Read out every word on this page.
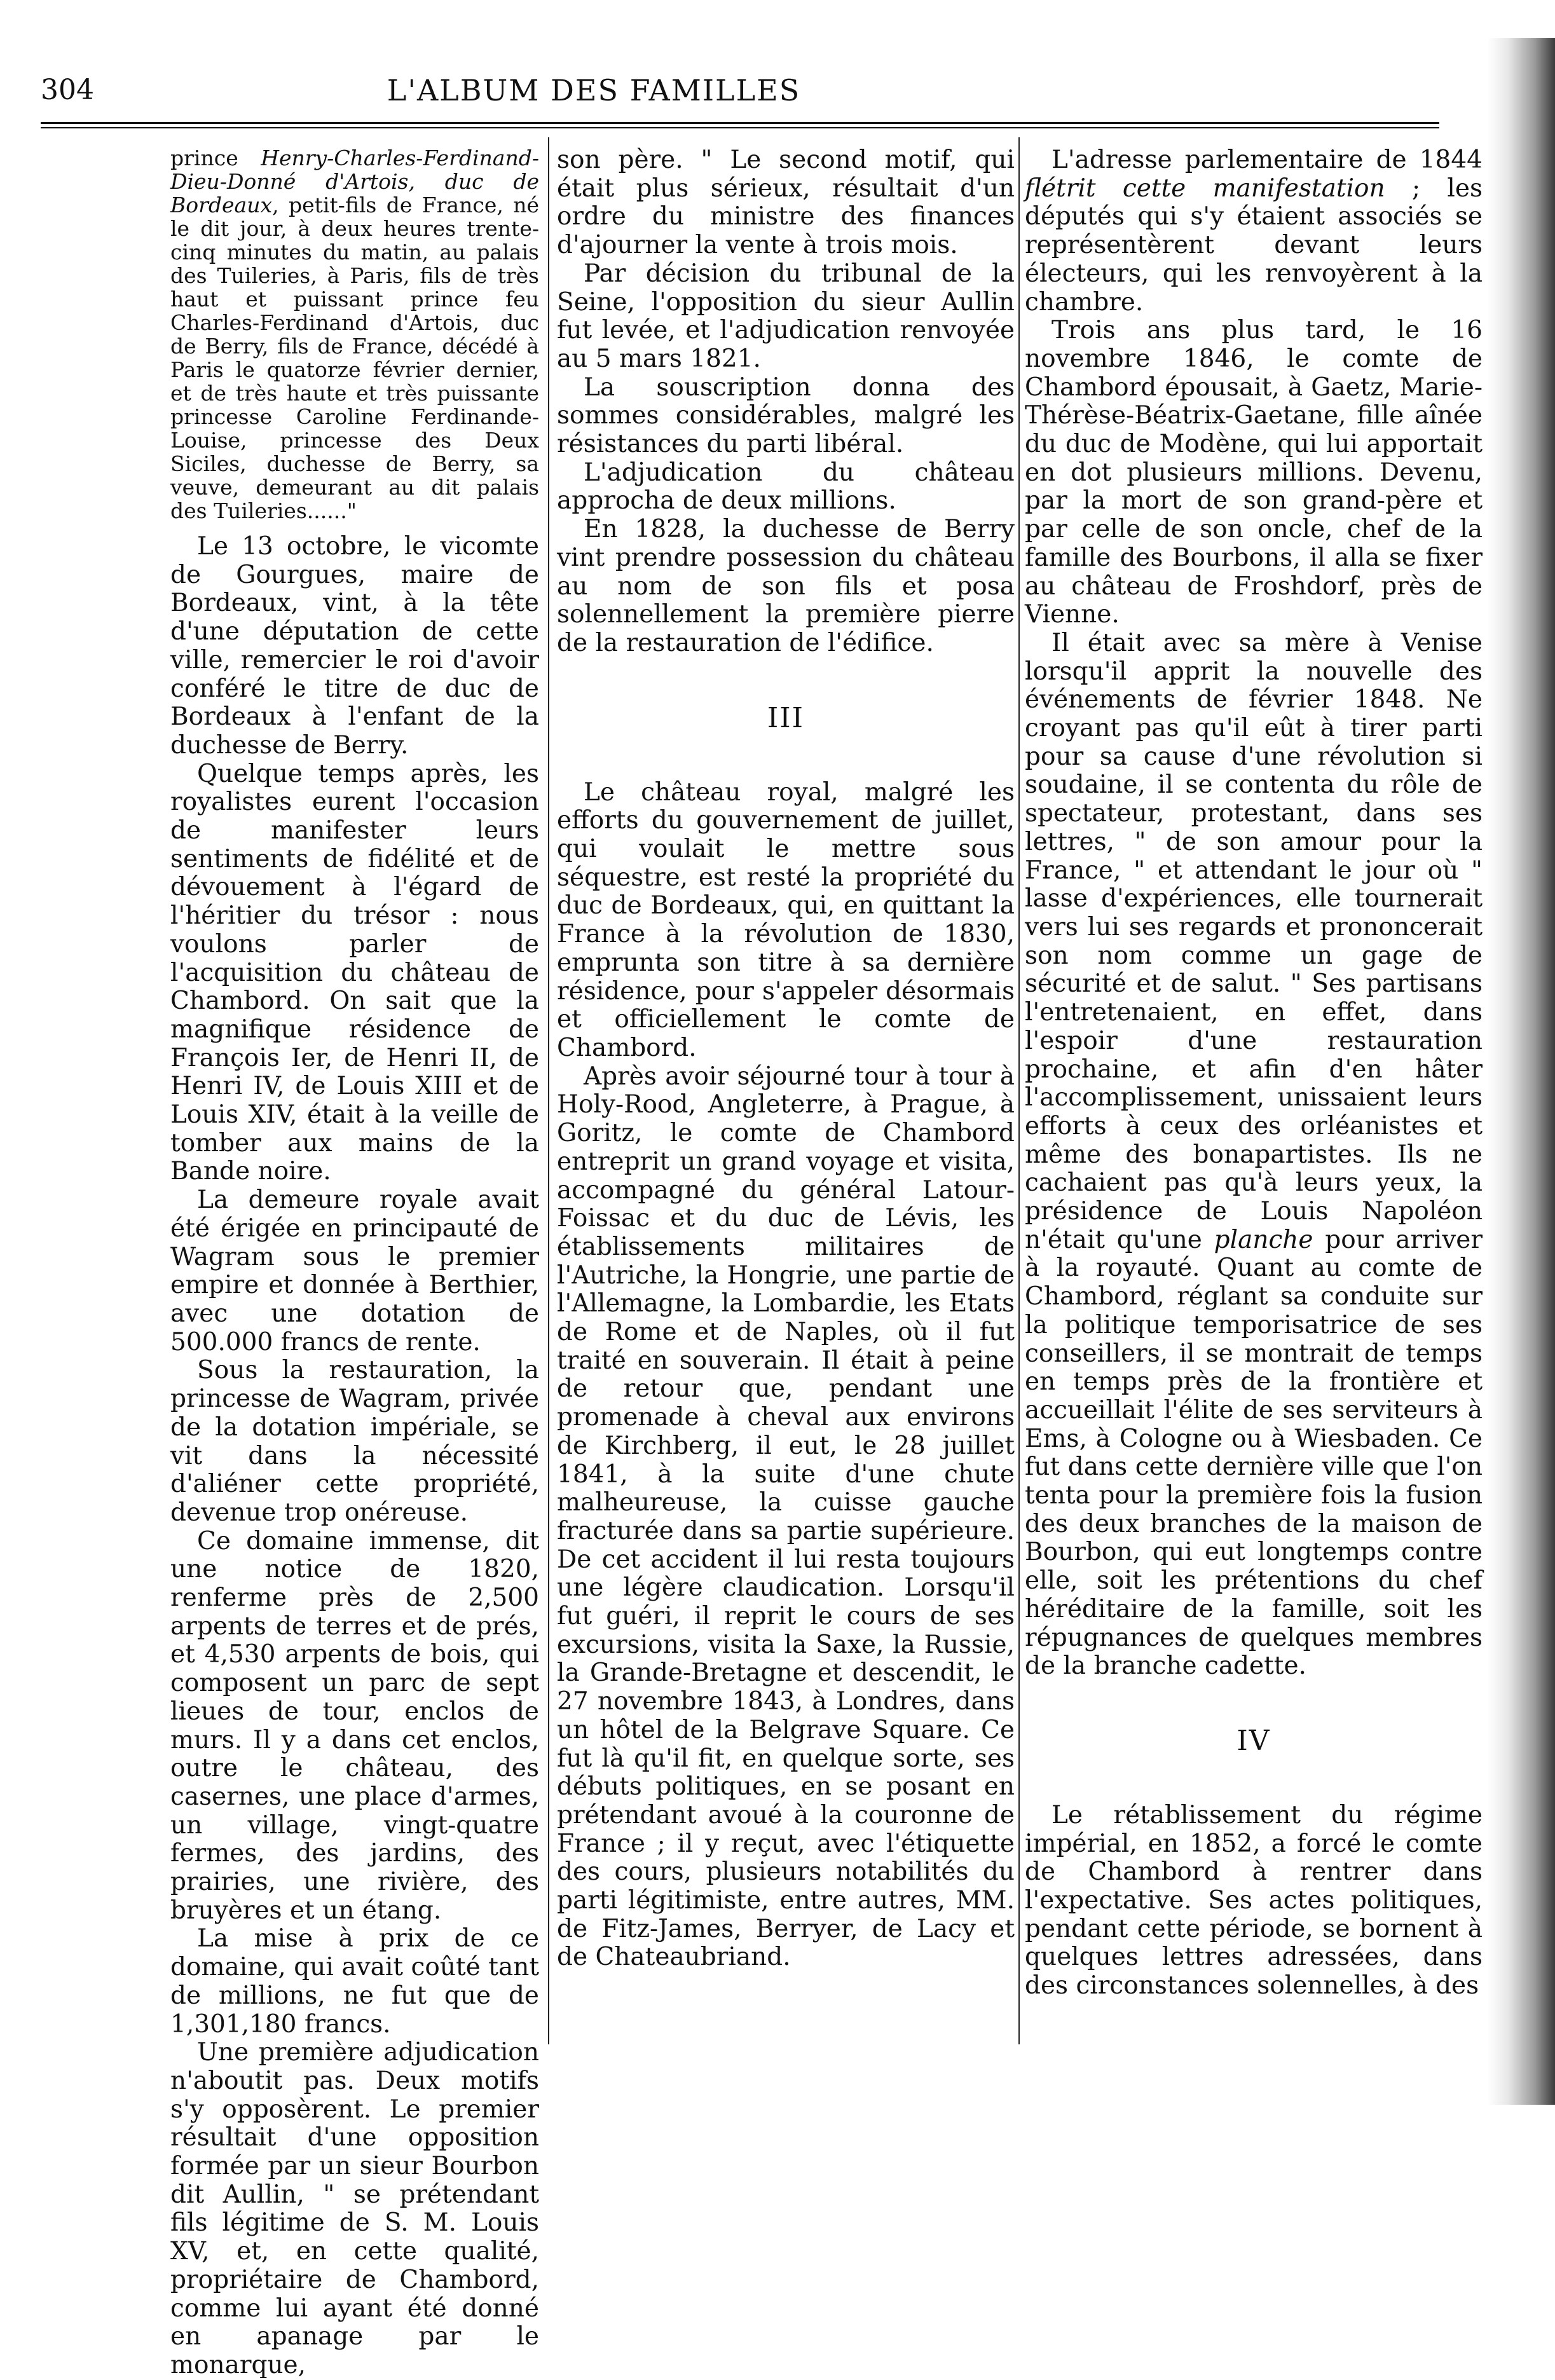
304	L'ALBUM DES FAMILLES

prince Henry-Charles-Ferdinand-Dieu-Donné d'Artois, duc de Bordeaux, petit-fils de France, né le dit jour, à deux heures trente-cinq minutes du matin, au palais des Tuileries, à Paris, fils de très haut et puissant prince feu Charles-Ferdinand d'Artois, duc de Berry, fils de France, décédé à Paris le quatorze février dernier, et de très haute et très puissante princesse Caroline Ferdinande-Louise, princesse des Deux Siciles, duchesse de Berry, sa veuve, demeurant au dit palais des Tuileries......"

Le 13 octobre, le vicomte de Gourgues, maire de Bordeaux, vint, à la tête d'une députation de cette ville, remercier le roi d'avoir conféré le titre de duc de Bordeaux à l'enfant de la duchesse de Berry.

Quelque temps après, les royalistes eurent l'occasion de manifester leurs sentiments de fidélité et de dévouement à l'égard de l'héritier du trésor : nous voulons parler de l'acquisition du château de Chambord. On sait que la magnifique résidence de François Ier, de Henri II, de Henri IV, de Louis XIII et de Louis XIV, était à la veille de tomber aux mains de la Bande noire.

La demeure royale avait été érigée en principauté de Wagram sous le premier empire et donnée à Berthier, avec une dotation de 500.000 francs de rente.

Sous la restauration, la princesse de Wagram, privée de la dotation impériale, se vit dans la nécessité d'aliéner cette propriété, devenue trop onéreuse.

Ce domaine immense, dit une notice de 1820, renferme près de 2,500 arpents de terres et de prés, et 4,530 arpents de bois, qui composent un parc de sept lieues de tour, enclos de murs. Il y a dans cet enclos, outre le château, des casernes, une place d'armes, un village, vingt-quatre fermes, des jardins, des prairies, une rivière, des bruyères et un étang.

La mise à prix de ce domaine, qui avait coûté tant de millions, ne fut que de 1,301,180 francs.

Une première adjudication n'aboutit pas. Deux motifs s'y opposèrent. Le premier résultait d'une opposition formée par un sieur Bourbon dit Aullin, " se prétendant fils légitime de S. M. Louis XV, et, en cette qualité, propriétaire de Chambord, comme lui ayant été donné en apanage par le monarque,

son père. " Le second motif, qui était plus sérieux, résultait d'un ordre du ministre des finances d'ajourner la vente à trois mois.

Par décision du tribunal de la Seine, l'opposition du sieur Aullin fut levée, et l'adjudication renvoyée au 5 mars 1821.

La souscription donna des sommes considérables, malgré les résistances du parti libéral.

L'adjudication du château approcha de deux millions.

En 1828, la duchesse de Berry vint prendre possession du château au nom de son fils et posa solennellement la première pierre de la restauration de l'édifice.

III

Le château royal, malgré les efforts du gouvernement de juillet, qui voulait le mettre sous séquestre, est resté la propriété du duc de Bordeaux, qui, en quittant la France à la révolution de 1830, emprunta son titre à sa dernière résidence, pour s'appeler désormais et officiellement le comte de Chambord.

Après avoir séjourné tour à tour à Holy-Rood, Angleterre, à Prague, à Goritz, le comte de Chambord entreprit un grand voyage et visita, accompagné du général Latour-Foissac et du duc de Lévis, les établissements militaires de l'Autriche, la Hongrie, une partie de l'Allemagne, la Lombardie, les Etats de Rome et de Naples, où il fut traité en souverain. Il était à peine de retour que, pendant une promenade à cheval aux environs de Kirchberg, il eut, le 28 juillet 1841, à la suite d'une chute malheureuse, la cuisse gauche fracturée dans sa partie supérieure. De cet accident il lui resta toujours une légère claudication. Lorsqu'il fut guéri, il reprit le cours de ses excursions, visita la Saxe, la Russie, la Grande-Bretagne et descendit, le 27 novembre 1843, à Londres, dans un hôtel de la Belgrave Square. Ce fut là qu'il fit, en quelque sorte, ses débuts politiques, en se posant en prétendant avoué à la couronne de France ; il y reçut, avec l'étiquette des cours, plusieurs notabilités du parti légitimiste, entre autres, MM. de Fitz-James, Berryer, de Lacy et de Chateaubriand.

L'adresse parlementaire de 1844 flétrit cette manifestation ; les députés qui s'y étaient associés se représentèrent devant leurs électeurs, qui les renvoyèrent à la chambre.

Trois ans plus tard, le 16 novembre 1846, le comte de Chambord épousait, à Gaetz, Marie-Thérèse-Béatrix-Gaetane, fille aînée du duc de Modène, qui lui apportait en dot plusieurs millions. Devenu, par la mort de son grand-père et par celle de son oncle, chef de la famille des Bourbons, il alla se fixer au château de Froshdorf, près de Vienne.

Il était avec sa mère à Venise lorsqu'il apprit la nouvelle des événements de février 1848. Ne croyant pas qu'il eût à tirer parti pour sa cause d'une révolution si soudaine, il se contenta du rôle de spectateur, protestant, dans ses lettres, " de son amour pour la France, " et attendant le jour où " lasse d'expériences, elle tournerait vers lui ses regards et prononcerait son nom comme un gage de sécurité et de salut. " Ses partisans l'entretenaient, en effet, dans l'espoir d'une restauration prochaine, et afin d'en hâter l'accomplissement, unissaient leurs efforts à ceux des orléanistes et même des bonapartistes. Ils ne cachaient pas qu'à leurs yeux, la présidence de Louis Napoléon n'était qu'une planche pour arriver à la royauté. Quant au comte de Chambord, réglant sa conduite sur la politique temporisatrice de ses conseillers, il se montrait de temps en temps près de la frontière et accueillait l'élite de ses serviteurs à Ems, à Cologne ou à Wiesbaden. Ce fut dans cette dernière ville que l'on tenta pour la première fois la fusion des deux branches de la maison de Bourbon, qui eut longtemps contre elle, soit les prétentions du chef héréditaire de la famille, soit les répugnances de quelques membres de la branche cadette.

IV

Le rétablissement du régime impérial, en 1852, a forcé le comte de Chambord à rentrer dans l'expectative. Ses actes politiques, pendant cette période, se bornent à quelques lettres adressées, dans des circonstances solennelles, à des
